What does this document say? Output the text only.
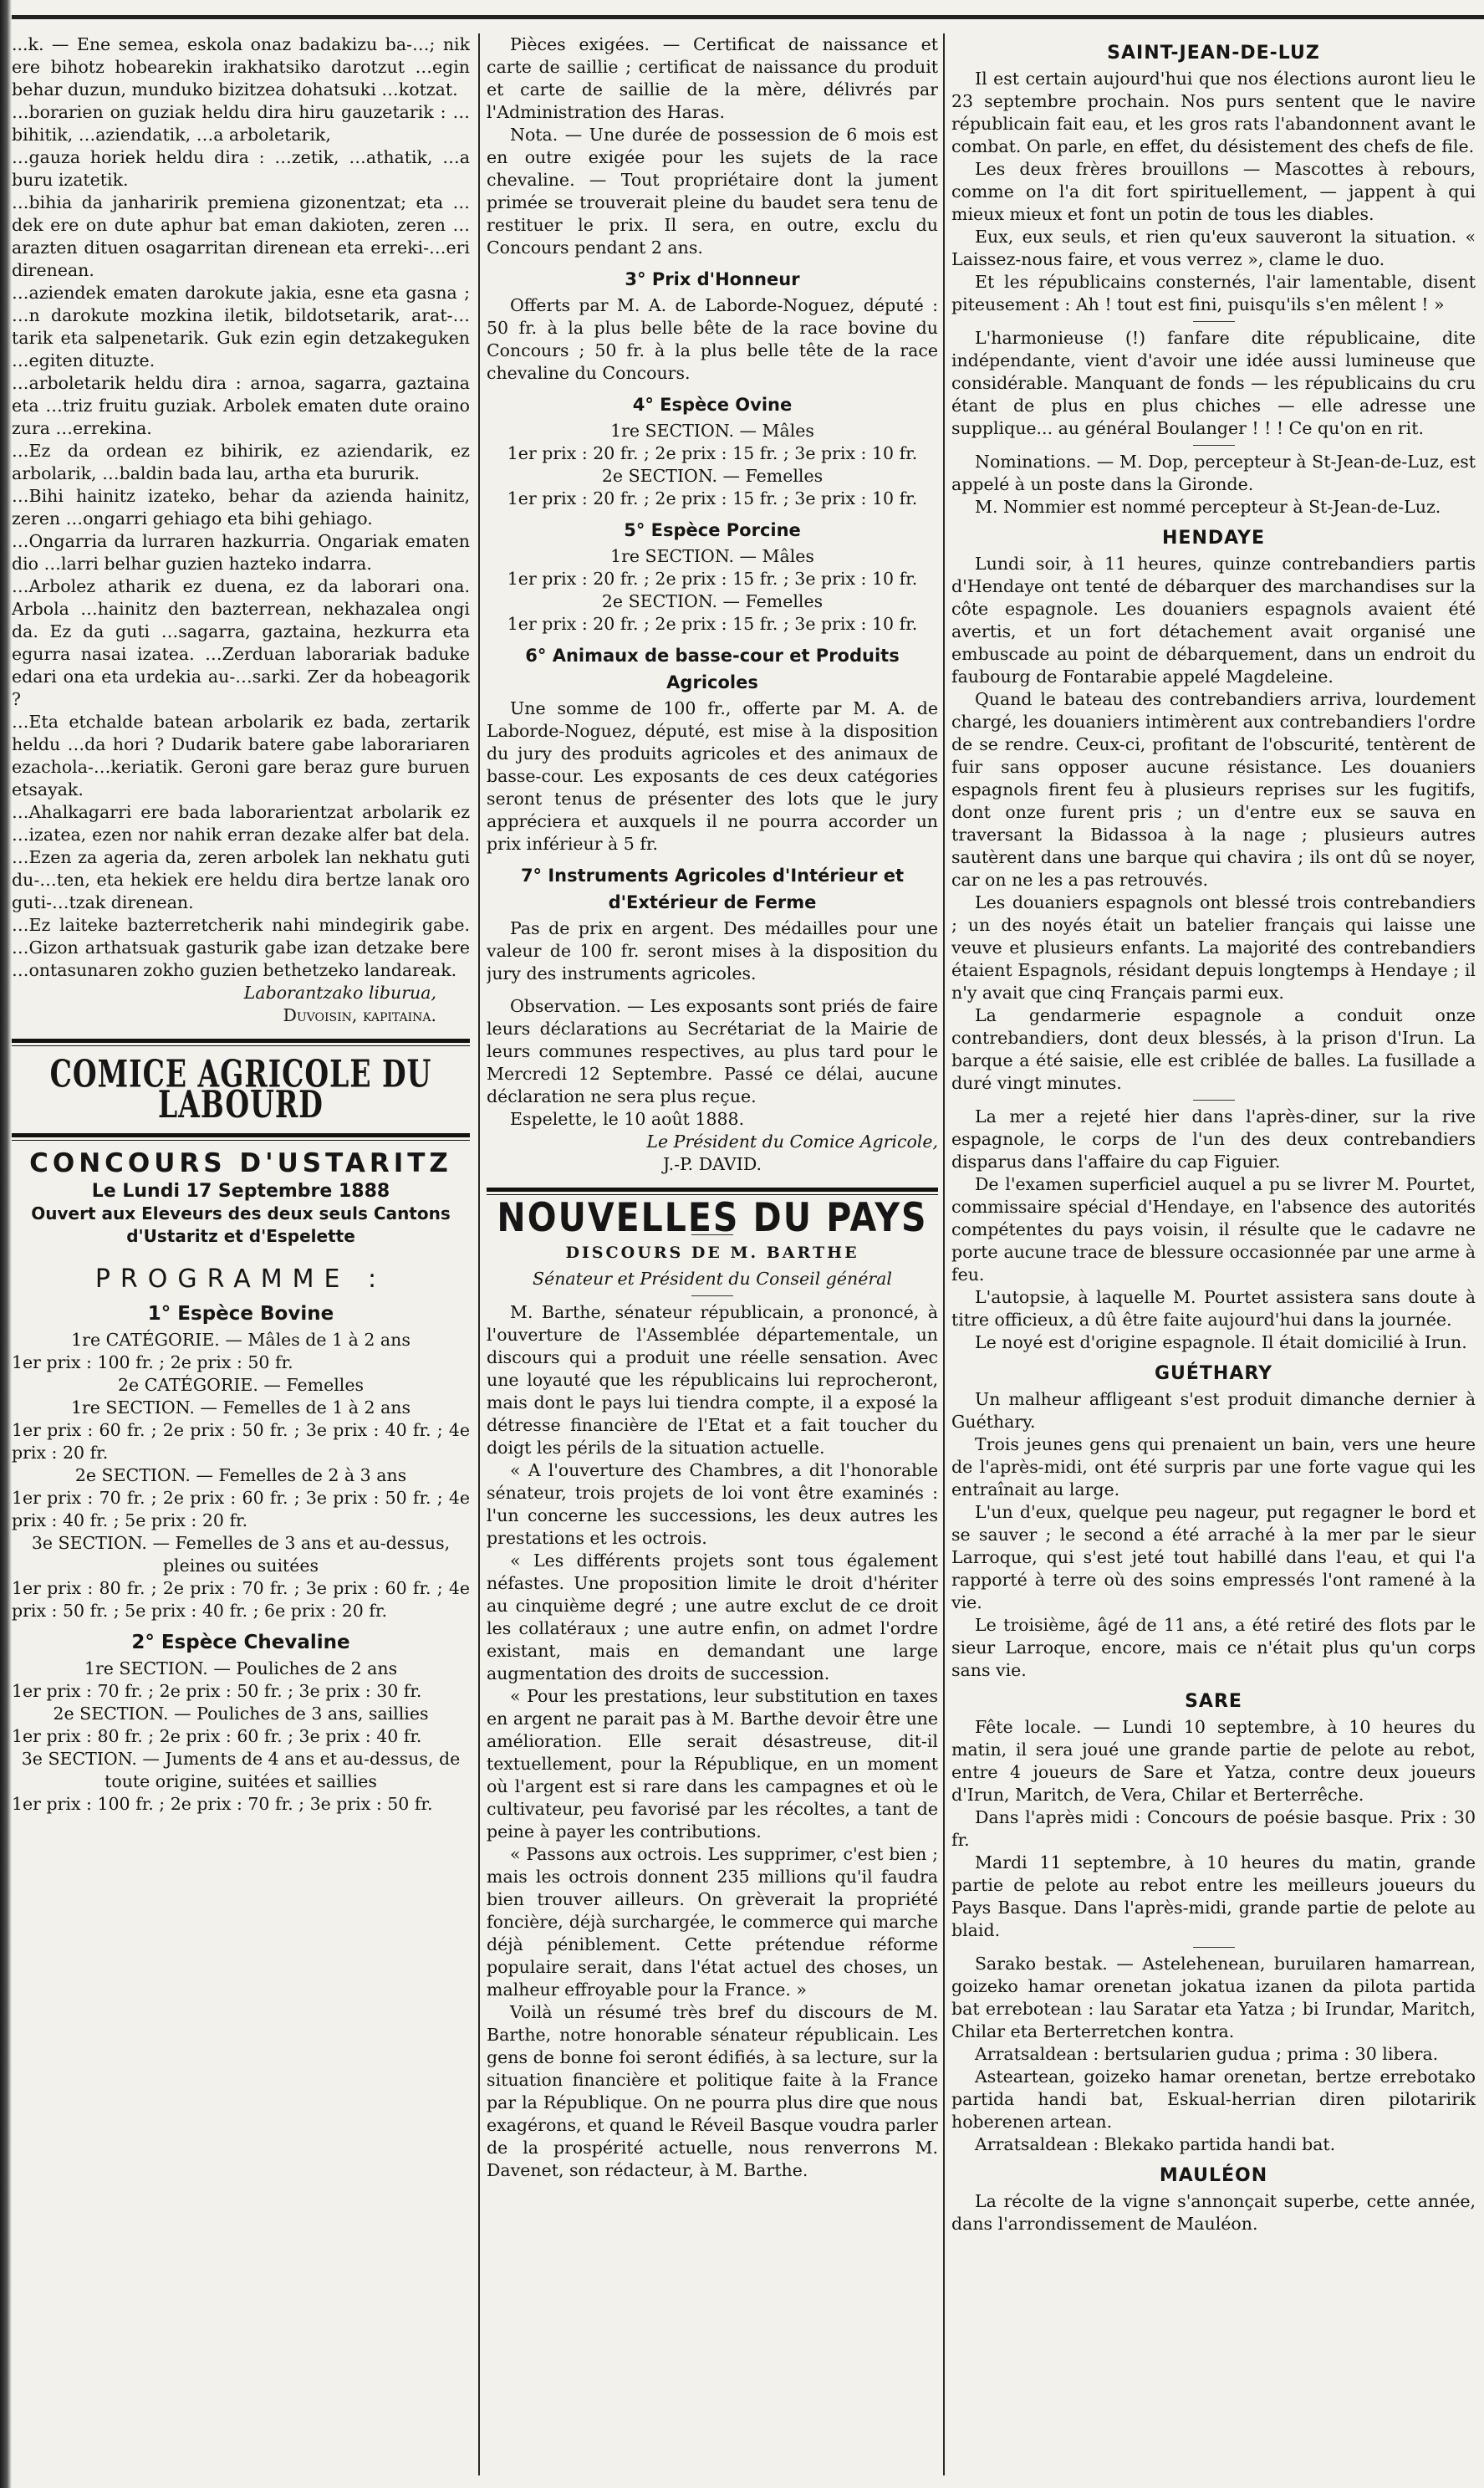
...k. — Ene semea, eskola onaz badakizu ba-…; nik ere bihotz hobearekin irakhatsiko darotzut …egin behar duzun, munduko bizitzea dohatsuki …kotzat.

…borarien on guziak heldu dira hiru gauzetarik : …bihitik, …aziendatik, …a arboletarik,

…gauza horiek heldu dira : …zetik, …athatik, …a buru izatetik.

…bihia da janharirik premiena gizonentzat; eta …dek ere on dute aphur bat eman dakioten, zeren …arazten dituen osagarritan direnean eta erreki-…eri direnean.

…aziendek ematen darokute jakia, esne eta gasna ; …n darokute mozkina iletik, bildotsetarik, arat-…tarik eta salpenetarik. Guk ezin egin detzakeguken …egiten dituzte.

…arboletarik heldu dira : arnoa, sagarra, gaztaina eta …triz fruitu guziak. Arbolek ematen dute oraino zura …errekina.

…Ez da ordean ez bihirik, ez aziendarik, ez arbolarik, …baldin bada lau, artha eta bururik.

…Bihi hainitz izateko, behar da azienda hainitz, zeren …ongarri gehiago eta bihi gehiago.

…Ongarria da lurraren hazkurria. Ongariak ematen dio …larri belhar guzien hazteko indarra.

…Arbolez atharik ez duena, ez da laborari ona. Arbola …hainitz den bazterrean, nekhazalea ongi da. Ez da guti …sagarra, gaztaina, hezkurra eta egurra nasai izatea. …Zerduan laborariak baduke edari ona eta urdekia au-…sarki. Zer da hobeagorik ?

…Eta etchalde batean arbolarik ez bada, zertarik heldu …da hori ? Dudarik batere gabe laborariaren ezachola-…keriatik. Geroni gare beraz gure buruen etsayak.

…Ahalkagarri ere bada laborarientzat arbolarik ez …izatea, ezen nor nahik erran dezake alfer bat dela. …Ezen za ageria da, zeren arbolek lan nekhatu guti du-…ten, eta hekiek ere heldu dira bertze lanak oro guti-…tzak direnean.

…Ez laiteke bazterretcherik nahi mindegirik gabe. …Gizon arthatsuak gasturik gabe izan detzake bere …ontasunaren zokho guzien bethetzeko landareak.

Laborantzako liburua,

Duvoisin, kapitaina.

COMICE AGRICOLE DU LABOURD
CONCOURS D'USTARITZ
Le Lundi 17 Septembre 1888
Ouvert aux Eleveurs des deux seuls Cantons d'Ustaritz et d'Espelette
PROGRAMME :
1° Espèce Bovine

1re CATÉGORIE. — Mâles de 1 à 2 ans

1er prix : 100 fr. ; 2e prix : 50 fr.

2e CATÉGORIE. — Femelles

1re SECTION. — Femelles de 1 à 2 ans

1er prix : 60 fr. ; 2e prix : 50 fr. ; 3e prix : 40 fr. ; 4e prix : 20 fr.

2e SECTION. — Femelles de 2 à 3 ans

1er prix : 70 fr. ; 2e prix : 60 fr. ; 3e prix : 50 fr. ; 4e prix : 40 fr. ; 5e prix : 20 fr.

3e SECTION. — Femelles de 3 ans et au-dessus, pleines ou suitées

1er prix : 80 fr. ; 2e prix : 70 fr. ; 3e prix : 60 fr. ; 4e prix : 50 fr. ; 5e prix : 40 fr. ; 6e prix : 20 fr.

2° Espèce Chevaline

1re SECTION. — Pouliches de 2 ans

1er prix : 70 fr. ; 2e prix : 50 fr. ; 3e prix : 30 fr.

2e SECTION. — Pouliches de 3 ans, saillies

1er prix : 80 fr. ; 2e prix : 60 fr. ; 3e prix : 40 fr.

3e SECTION. — Juments de 4 ans et au-dessus, de toute origine, suitées et saillies

1er prix : 100 fr. ; 2e prix : 70 fr. ; 3e prix : 50 fr.

Pièces exigées. — Certificat de naissance et carte de saillie ; certificat de naissance du produit et carte de saillie de la mère, délivrés par l'Administration des Haras.

Nota. — Une durée de possession de 6 mois est en outre exigée pour les sujets de la race chevaline. — Tout propriétaire dont la jument primée se trouverait pleine du baudet sera tenu de restituer le prix. Il sera, en outre, exclu du Concours pendant 2 ans.

3° Prix d'Honneur

Offerts par M. A. de Laborde-Noguez, député : 50 fr. à la plus belle bête de la race bovine du Concours ; 50 fr. à la plus belle tête de la race chevaline du Concours.

4° Espèce Ovine

1re SECTION. — Mâles

1er prix : 20 fr. ; 2e prix : 15 fr. ; 3e prix : 10 fr.

2e SECTION. — Femelles

1er prix : 20 fr. ; 2e prix : 15 fr. ; 3e prix : 10 fr.

5° Espèce Porcine

1re SECTION. — Mâles

1er prix : 20 fr. ; 2e prix : 15 fr. ; 3e prix : 10 fr.

2e SECTION. — Femelles

1er prix : 20 fr. ; 2e prix : 15 fr. ; 3e prix : 10 fr.

6° Animaux de basse-cour et Produits Agricoles

Une somme de 100 fr., offerte par M. A. de Laborde-Noguez, député, est mise à la disposition du jury des produits agricoles et des animaux de basse-cour. Les exposants de ces deux catégories seront tenus de présenter des lots que le jury appréciera et auxquels il ne pourra accorder un prix inférieur à 5 fr.

7° Instruments Agricoles d'Intérieur et d'Extérieur de Ferme

Pas de prix en argent. Des médailles pour une valeur de 100 fr. seront mises à la disposition du jury des instruments agricoles.

Observation. — Les exposants sont priés de faire leurs déclarations au Secrétariat de la Mairie de leurs communes respectives, au plus tard pour le Mercredi 12 Septembre. Passé ce délai, aucune déclaration ne sera plus reçue.

Espelette, le 10 août 1888.

Le Président du Comice Agricole,

J.-P. DAVID.

NOUVELLES DU PAYS
DISCOURS DE M. BARTHE

Sénateur et Président du Conseil général

M. Barthe, sénateur républicain, a prononcé, à l'ouverture de l'Assemblée départementale, un discours qui a produit une réelle sensation. Avec une loyauté que les républicains lui reprocheront, mais dont le pays lui tiendra compte, il a exposé la détresse financière de l'Etat et a fait toucher du doigt les périls de la situation actuelle.

« A l'ouverture des Chambres, a dit l'honorable sénateur, trois projets de loi vont être examinés : l'un concerne les successions, les deux autres les prestations et les octrois.

« Les différents projets sont tous également néfastes. Une proposition limite le droit d'hériter au cinquième degré ; une autre exclut de ce droit les collatéraux ; une autre enfin, on admet l'ordre existant, mais en demandant une large augmentation des droits de succession.

« Pour les prestations, leur substitution en taxes en argent ne parait pas à M. Barthe devoir être une amélioration. Elle serait désastreuse, dit-il textuellement, pour la République, en un moment où l'argent est si rare dans les campagnes et où le cultivateur, peu favorisé par les récoltes, a tant de peine à payer les contributions.

« Passons aux octrois. Les supprimer, c'est bien ; mais les octrois donnent 235 millions qu'il faudra bien trouver ailleurs. On grèverait la propriété foncière, déjà surchargée, le commerce qui marche déjà péniblement. Cette prétendue réforme populaire serait, dans l'état actuel des choses, un malheur effroyable pour la France. »

Voilà un résumé très bref du discours de M. Barthe, notre honorable sénateur républicain. Les gens de bonne foi seront édifiés, à sa lecture, sur la situation financière et politique faite à la France par la République. On ne pourra plus dire que nous exagérons, et quand le Réveil Basque voudra parler de la prospérité actuelle, nous renverrons M. Davenet, son rédacteur, à M. Barthe.

SAINT-JEAN-DE-LUZ

Il est certain aujourd'hui que nos élections auront lieu le 23 septembre prochain. Nos purs sentent que le navire républicain fait eau, et les gros rats l'abandonnent avant le combat. On parle, en effet, du désistement des chefs de file.

Les deux frères brouillons — Mascottes à rebours, comme on l'a dit fort spirituellement, — jappent à qui mieux mieux et font un potin de tous les diables.

Eux, eux seuls, et rien qu'eux sauveront la situation. « Laissez-nous faire, et vous verrez », clame le duo.

Et les républicains consternés, l'air lamentable, disent piteusement : Ah ! tout est fini, puisqu'ils s'en mêlent ! »

L'harmonieuse (!) fanfare dite républicaine, dite indépendante, vient d'avoir une idée aussi lumineuse que considérable. Manquant de fonds — les républicains du cru étant de plus en plus chiches — elle adresse une supplique... au général Boulanger ! ! ! Ce qu'on en rit.

Nominations. — M. Dop, percepteur à St-Jean-de-Luz, est appelé à un poste dans la Gironde.

M. Nommier est nommé percepteur à St-Jean-de-Luz.

HENDAYE

Lundi soir, à 11 heures, quinze contrebandiers partis d'Hendaye ont tenté de débarquer des marchandises sur la côte espagnole. Les douaniers espagnols avaient été avertis, et un fort détachement avait organisé une embuscade au point de débarquement, dans un endroit du faubourg de Fontarabie appelé Magdeleine.

Quand le bateau des contrebandiers arriva, lourdement chargé, les douaniers intimèrent aux contrebandiers l'ordre de se rendre. Ceux-ci, profitant de l'obscurité, tentèrent de fuir sans opposer aucune résistance. Les douaniers espagnols firent feu à plusieurs reprises sur les fugitifs, dont onze furent pris ; un d'entre eux se sauva en traversant la Bidassoa à la nage ; plusieurs autres sautèrent dans une barque qui chavira ; ils ont dû se noyer, car on ne les a pas retrouvés.

Les douaniers espagnols ont blessé trois contrebandiers ; un des noyés était un batelier français qui laisse une veuve et plusieurs enfants. La majorité des contrebandiers étaient Espagnols, résidant depuis longtemps à Hendaye ; il n'y avait que cinq Français parmi eux.

La gendarmerie espagnole a conduit onze contrebandiers, dont deux blessés, à la prison d'Irun. La barque a été saisie, elle est criblée de balles. La fusillade a duré vingt minutes.

La mer a rejeté hier dans l'après-diner, sur la rive espagnole, le corps de l'un des deux contrebandiers disparus dans l'affaire du cap Figuier.

De l'examen superficiel auquel a pu se livrer M. Pourtet, commissaire spécial d'Hendaye, en l'absence des autorités compétentes du pays voisin, il résulte que le cadavre ne porte aucune trace de blessure occasionnée par une arme à feu.

L'autopsie, à laquelle M. Pourtet assistera sans doute à titre officieux, a dû être faite aujourd'hui dans la journée.

Le noyé est d'origine espagnole. Il était domicilié à Irun.

GUÉTHARY

Un malheur affligeant s'est produit dimanche dernier à Guéthary.

Trois jeunes gens qui prenaient un bain, vers une heure de l'après-midi, ont été surpris par une forte vague qui les entraînait au large.

L'un d'eux, quelque peu nageur, put regagner le bord et se sauver ; le second a été arraché à la mer par le sieur Larroque, qui s'est jeté tout habillé dans l'eau, et qui l'a rapporté à terre où des soins empressés l'ont ramené à la vie.

Le troisième, âgé de 11 ans, a été retiré des flots par le sieur Larroque, encore, mais ce n'était plus qu'un corps sans vie.

SARE

Fête locale. — Lundi 10 septembre, à 10 heures du matin, il sera joué une grande partie de pelote au rebot, entre 4 joueurs de Sare et Yatza, contre deux joueurs d'Irun, Maritch, de Vera, Chilar et Berterrêche.

Dans l'après midi : Concours de poésie basque. Prix : 30 fr.

Mardi 11 septembre, à 10 heures du matin, grande partie de pelote au rebot entre les meilleurs joueurs du Pays Basque. Dans l'après-midi, grande partie de pelote au blaid.

Sarako bestak. — Astelehenean, buruilaren hamarrean, goizeko hamar orenetan jokatua izanen da pilota partida bat errebotean : lau Saratar eta Yatza ; bi Irundar, Maritch, Chilar eta Berterretchen kontra.

Arratsaldean : bertsularien gudua ; prima : 30 libera.

Asteartean, goizeko hamar orenetan, bertze errebotako partida handi bat, Eskual-herrian diren pilotaririk hoberenen artean.

Arratsaldean : Blekako partida handi bat.

MAULÉON

La récolte de la vigne s'annonçait superbe, cette année, dans l'arrondissement de Mauléon.
